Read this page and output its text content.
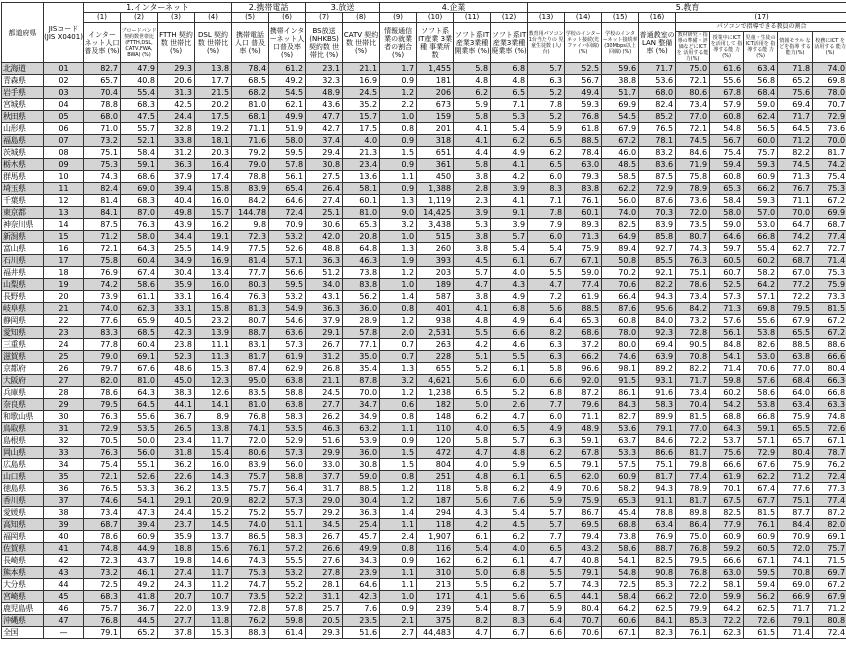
都道府県	JISコード (JIS X0401)	1.インターネット				2.携帯電話		3.放送		4.企業				5.教育								
		(1)	(2)	(3)	(4)	(5)	(6)	(7)	(8)	(9)	(10)	(11)	(12)	(13)	(14)	(15)	(16)	(17)				
		インター ネット人口 普及率 (%)	ブロードバンド 契約数世帯比 (FTTH,DSL, CATV,FWA, BWA) (%)	FTTH 契約数 世帯比 (%)	DSL 契約数 世帯比 (%)	携帯電話 人口 普及率 (%)	携帯インタ ーネット人 口普及率 (%)	BS放送 (NHKBS) 契約数 世帯比 (%)	CATV 契約数 世帯比 (%)	情報通信 業の就業 者の割合 (%)	ソフト系 IT産業 3業種 事業所数	ソフト系IT 産業3業種 開業率 (%)	ソフト系IT 産業3業種 廃業率 (%)	教育用パソコン 1台当たりの 児童生徒数 (人/台)	学校のインター ネット接続(光 ファイバ回線) (%)	学校のインタ ーネット接続率 (30Mbps以上 回線) (%)	普通教室の LAN 整備率 (%)	パソコンで指導できる教員の割合				
																		教材研究・指 導の準備・評 価などにICTを 活用する能力(%)	授業中にICT を活用して 指導する能 力(%)	児童・生徒の ICT活用を 指導する能 力(%)	情報モラル などを指導 する能力(%)	校務にICT を活用する 能力(%)
北海道	01	82.7	47.9	29.3	13.8	78.4	61.2	23.1	21.1	1.7	1,455	5.8	6.8	5.7	52.5	59.6	71.7	75.0	61.6	63.4	71.8	74.0
青森県	02	65.7	40.8	20.6	17.7	68.5	49.2	32.3	16.9	0.9	181	4.8	4.8	6.3	56.7	38.8	53.6	72.1	55.6	56.8	65.2	69.8
岩手県	03	70.4	55.4	31.3	21.5	68.2	54.5	48.9	24.5	1.2	206	6.2	6.5	5.2	49.4	51.7	68.0	80.6	67.8	68.4	75.6	78.0
宮城県	04	78.8	68.3	42.5	20.2	81.0	62.1	43.6	35.2	2.2	673	5.9	7.1	7.8	59.3	69.9	82.4	73.4	57.9	59.0	69.4	70.7
秋田県	05	68.0	47.5	24.4	17.5	68.1	49.9	47.7	15.7	1.0	159	5.8	5.3	5.2	76.8	54.5	85.2	77.0	60.8	62.4	71.7	72.9
山形県	06	71.0	55.7	32.8	19.2	71.1	51.9	42.7	17.5	0.8	201	4.1	5.4	5.9	61.8	67.9	76.5	72.1	54.8	56.5	64.5	73.6
福島県	07	73.2	52.1	33.8	18.1	71.6	58.0	37.4	4.0	0.9	318	4.1	6.2	6.5	88.5	67.2	78.1	74.5	56.7	60.0	71.2	70.0
茨城県	08	75.1	58.4	31.2	20.3	79.2	59.5	29.4	21.3	1.5	651	4.4	4.9	6.2	78.4	46.0	83.2	84.6	75.4	75.7	82.2	81.7
栃木県	09	75.3	59.1	36.3	16.4	79.0	57.8	30.8	23.4	0.9	361	5.8	4.1	6.5	63.0	48.5	83.6	71.9	59.4	59.3	74.5	74.2
群馬県	10	74.3	68.6	37.9	17.4	78.8	56.1	27.5	13.6	1.1	450	3.8	4.2	6.0	79.3	58.5	87.5	75.8	60.8	60.9	71.3	75.4
埼玉県	11	82.4	69.0	39.4	15.8	83.9	65.4	26.4	58.1	0.9	1,388	2.8	3.9	8.3	83.8	62.2	72.9	78.9	65.3	66.2	76.7	75.3
千葉県	12	81.4	68.3	40.4	16.0	84.2	64.6	27.4	60.1	1.3	1,119	2.3	4.1	7.1	76.1	56.0	87.6	73.6	58.4	59.3	71.1	67.2
東京都	13	84.1	87.0	49.8	15.7	144.78	72.4	25.1	81.0	9.0	14,425	3.9	9.1	7.8	60.1	74.0	70.3	72.0	58.0	57.0	70.0	69.9
神奈川県	14	87.5	76.3	43.9	16.2	9.8	70.9	30.6	65.3	3.2	3,438	5.3	3.9	7.9	89.3	82.5	83.9	73.5	59.0	53.0	64.7	68.7
新潟県	15	71.2	58.0	34.4	19.1	72.3	53.2	42.0	20.8	1.0	515	3.8	5.7	6.0	71.3	64.9	85.8	80.7	64.6	66.8	74.2	77.4
富山県	16	72.1	64.3	25.5	14.9	77.5	52.6	48.8	64.8	1.3	260	3.8	5.4	5.4	75.9	89.4	92.7	74.3	59.7	55.4	62.7	72.7
石川県	17	75.8	60.4	34.9	16.9	81.4	57.1	36.3	46.3	1.9	393	4.5	6.1	6.7	67.1	50.8	85.5	76.3	60.5	60.2	68.7	71.4
福井県	18	76.9	67.4	30.4	13.4	77.7	56.6	51.2	73.8	1.2	203	5.7	4.0	5.5	59.0	70.2	92.1	75.1	60.7	58.2	67.0	75.3
山梨県	19	74.2	58.6	35.9	16.0	80.3	59.5	34.0	83.8	1.0	189	4.7	4.3	4.7	77.4	70.6	82.2	78.6	52.5	64.2	77.2	75.9
長野県	20	73.9	61.1	33.1	16.4	76.3	53.2	43.1	56.2	1.4	587	3.8	4.9	7.2	61.9	66.4	94.3	73.4	57.3	57.1	72.2	73.3
岐阜県	21	74.0	62.3	33.1	15.8	81.3	54.9	36.3	36.0	0.8	401	4.1	6.8	5.6	88.5	87.6	95.6	84.2	71.3	69.8	79.5	81.5
静岡県	22	77.6	65.9	40.5	23.2	80.7	54.6	37.9	28.9	1.2	938	4.8	4.9	6.4	65.3	60.8	84.0	73.2	57.6	55.6	67.9	67.2
愛知県	23	83.3	68.5	42.3	13.9	88.7	63.6	29.1	57.8	2.0	2,531	5.5	6.6	8.2	68.6	78.0	92.3	72.8	56.1	53.8	65.5	67.2
三重県	24	77.8	60.4	23.8	11.1	83.1	57.3	26.7	77.1	0.7	263	4.2	4.6	6.3	37.2	80.0	69.4	90.5	84.8	82.6	88.5	88.6
滋賀県	25	79.0	69.1	52.3	11.3	81.7	61.9	31.2	35.0	0.7	228	5.1	5.5	6.3	66.2	74.6	63.9	70.8	54.1	53.0	63.8	66.6
京都府	26	79.7	67.6	48.6	15.3	87.4	62.9	26.8	35.4	1.3	655	5.2	6.1	5.8	96.6	98.1	89.2	82.2	71.4	70.6	77.0	80.4
大阪府	27	82.0	81.0	45.0	12.3	95.0	63.8	21.1	87.8	3.2	4,621	5.6	6.0	6.6	92.0	91.5	93.1	71.7	59.8	57.6	68.4	66.3
兵庫県	28	78.6	64.3	38.3	12.6	83.5	58.8	24.5	70.0	1.2	1,238	6.5	5.2	6.8	87.2	86.1	91.6	73.4	60.2	58.6	64.0	66.8
奈良県	29	79.5	64.5	44.1	14.1	81.0	63.8	27.7	34.7	0.6	182	5.0	2.6	7.7	79.6	84.3	58.3	70.4	54.2	53.8	63.4	63.3
和歌山県	30	76.3	55.6	36.7	8.9	76.8	58.3	26.2	34.9	0.8	148	6.2	4.7	6.0	71.1	82.7	89.9	81.5	68.8	66.8	75.9	74.8
鳥取県	31	72.9	53.5	26.5	13.8	74.1	53.5	46.3	63.2	1.1	110	4.0	6.5	4.9	48.9	53.6	79.1	77.0	64.3	59.1	65.5	72.6
島根県	32	70.5	50.0	23.4	11.7	72.0	52.9	51.6	53.9	0.9	120	5.8	5.7	6.3	59.1	63.7	84.6	72.2	53.7	57.1	65.7	67.1
岡山県	33	76.3	56.0	31.8	15.4	80.6	57.3	29.9	36.0	1.5	472	4.7	4.8	6.2	67.8	53.3	86.6	81.7	75.6	72.9	80.4	78.7
広島県	34	75.4	55.1	36.2	16.0	83.9	56.0	33.0	30.8	1.5	804	4.0	5.9	6.5	79.1	57.5	75.1	79.8	66.6	67.6	75.9	76.2
山口県	35	72.1	52.6	22.6	14.3	75.7	58.8	37.7	59.0	0.8	251	4.8	6.1	6.5	62.0	60.9	81.7	77.4	61.9	62.2	71.2	72.4
徳島県	36	76.5	53.3	36.2	13.5	75.7	56.4	31.7	88.5	1.2	118	5.8	6.2	4.9	70.6	58.2	94.3	78.9	70.1	67.4	77.6	77.3
香川県	37	74.6	54.1	29.1	20.9	82.2	57.3	29.0	30.4	1.2	187	5.6	7.6	5.9	75.9	65.3	91.1	81.7	67.5	67.7	75.1	77.4
愛媛県	38	73.4	47.3	24.4	15.2	75.2	55.7	29.2	36.3	1.4	294	4.3	5.4	5.7	86.7	45.4	78.8	89.8	82.5	81.5	87.7	87.2
高知県	39	68.7	39.4	23.7	14.5	74.0	51.1	34.5	25.4	1.1	118	4.2	4.5	5.7	69.5	68.8	63.4	86.4	77.9	76.1	84.4	82.0
福岡県	40	78.6	60.9	35.9	13.7	86.5	58.3	26.7	45.7	2.4	1,907	6.1	6.2	7.7	79.4	73.8	76.9	75.0	60.9	60.9	70.9	69.1
佐賀県	41	74.8	44.9	18.8	15.6	76.1	57.2	26.6	49.9	0.8	116	5.4	4.0	6.5	43.2	58.6	88.7	76.8	59.2	60.5	72.0	75.7
長崎県	42	72.3	43.7	19.8	14.6	74.3	55.5	27.6	34.3	0.9	162	6.2	6.1	4.7	40.8	54.1	82.5	79.5	66.6	67.1	74.1	71.5
熊本県	43	73.2	46.1	27.4	11.7	75.3	53.2	27.8	23.9	1.1	310	5.0	6.8	5.5	79.1	54.8	90.8	76.8	63.0	59.5	70.8	69.7
大分県	44	72.5	49.2	24.3	11.2	74.7	55.2	28.1	64.6	1.1	213	5.5	6.2	5.7	74.3	72.5	85.3	72.2	58.1	59.4	69.0	67.2
宮崎県	45	68.3	41.8	20.7	10.7	73.5	52.2	31.1	42.3	1.0	171	4.1	5.6	6.5	44.1	58.4	66.2	72.0	59.9	56.2	66.9	67.9
鹿児島県	46	75.7	36.7	22.0	13.9	72.8	57.8	25.7	7.6	0.9	239	5.4	8.7	5.9	80.4	64.2	62.5	79.9	64.2	62.5	71.7	71.2
沖縄県	47	76.8	44.5	27.7	11.8	76.2	59.8	20.5	23.5	2.1	375	8.2	8.3	6.4	70.7	60.6	84.1	85.3	72.2	72.6	79.1	80.8
全国	—	79.1	65.2	37.8	15.3	88.3	61.4	29.3	51.6	2.7	44,483	4.7	6.7	6.6	70.6	67.1	82.3	76.1	62.3	61.5	71.4	72.4
